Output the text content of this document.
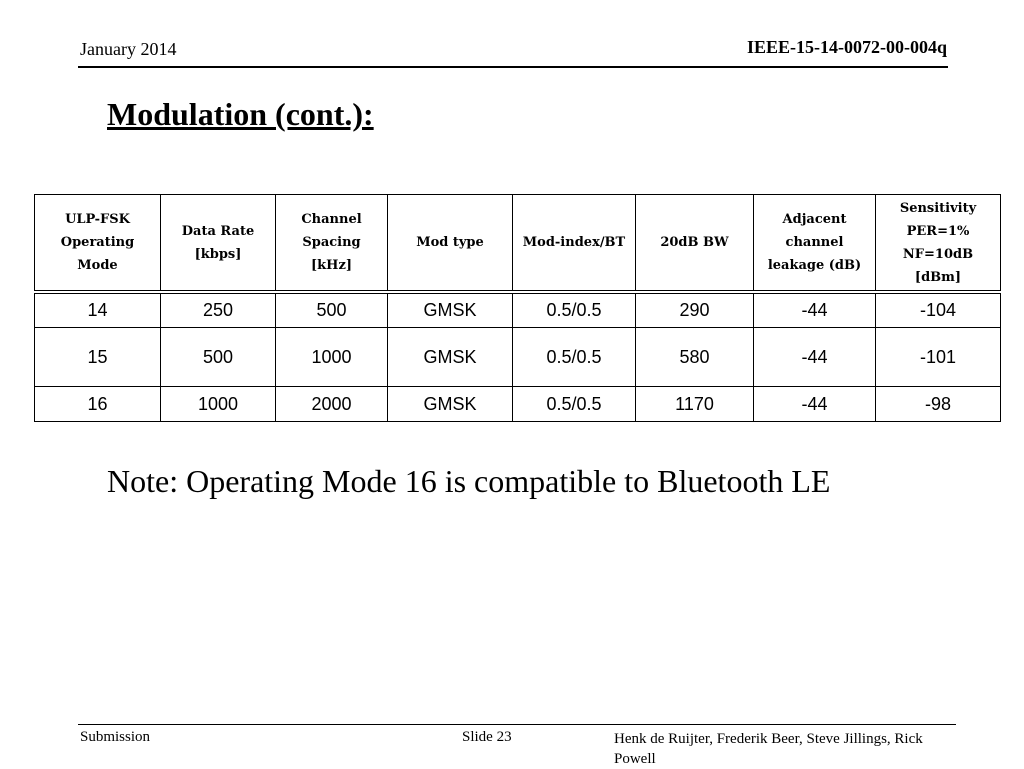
January 2014	IEEE-15-14-0072-00-004q
Modulation (cont.):
ULP-FSK Operating Mode	Data Rate [kbps]	Channel Spacing [kHz]	Mod type	Mod-index/BT	20dB BW	Adjacent channel leakage (dB)	Sensitivity PER=1% NF=10dB [dBm]
14	250	500	GMSK	0.5/0.5	290	-44	-104
15	500	1000	GMSK	0.5/0.5	580	-44	-101
16	1000	2000	GMSK	0.5/0.5	1170	-44	-98
Note: Operating Mode 16 is compatible to Bluetooth LE
Submission	Slide 23	Henk de Ruijter, Frederik Beer, Steve Jillings, Rick Powell
